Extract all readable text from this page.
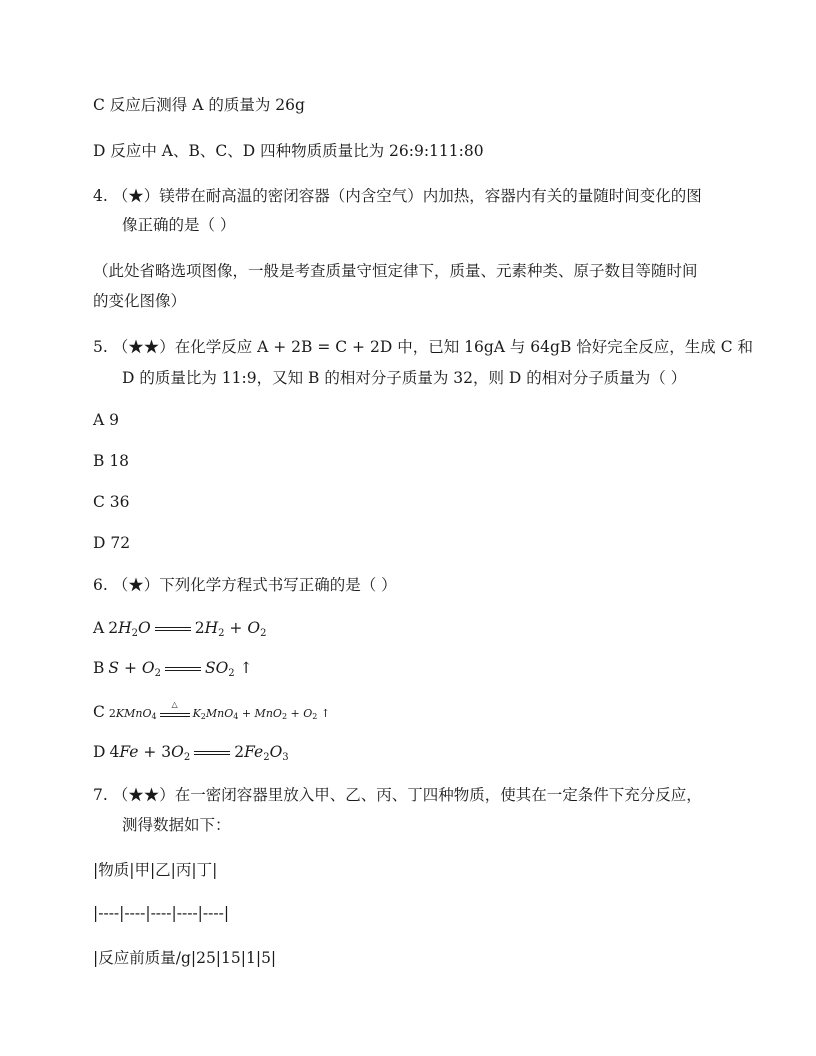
C 反应后测得 A 的质量为 26g
D 反应中 A、B、C、D 四种物质质量比为 26:9:111:80
4. （★）镁带在耐高温的密闭容器（内含空气）内加热，容器内有关的量随时间变化的图
像正确的是（ ）
（此处省略选项图像，一般是考查质量守恒定律下，质量、元素种类、原子数目等随时间
的变化图像）
5. （★★）在化学反应 A + 2B = C + 2D 中，已知 16gA 与 64gB 恰好完全反应，生成 C 和
D 的质量比为 11:9，又知 B 的相对分子质量为 32，则 D 的相对分子质量为（ ）
A 9
B 18
C 36
D 72
6. （★）下列化学方程式书写正确的是（ ）
A $2H_2O$	$2H_2 + O_2$
B $S + O_2$	$SO_2$ ↑
C 2KMnO$_4$
△
$K_2MnO_4 + MnO_2 + O_2$ ↑
D $4Fe + 3O_2$	$2Fe_2O_3$
7. （★★）在一密闭容器里放入甲、乙、丙、丁四种物质，使其在一定条件下充分反应，
测得数据如下：
|物质|甲|乙|丙|丁|
|----|----|----|----|----|
|反应前质量/g|25|15|1|5|
